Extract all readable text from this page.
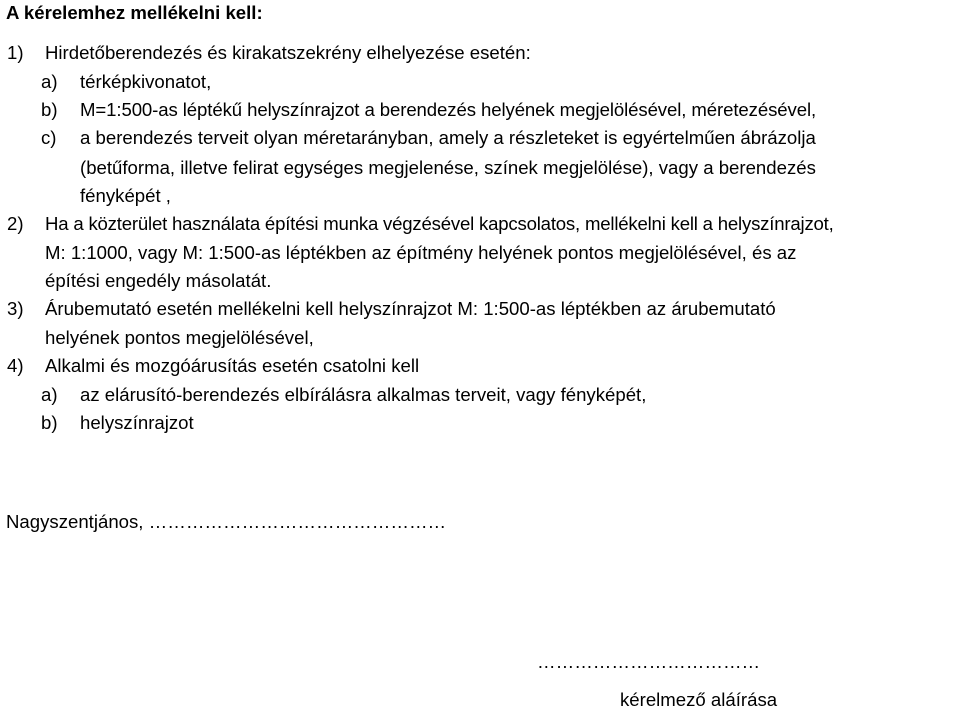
A kérelemhez mellékelni kell:
1) Hirdetőberendezés és kirakatszekrény elhelyezése esetén:
a) térképkivonatot,
b) M=1:500-as léptékű helyszínrajzot a berendezés helyének megjelölésével, méretezésével,
c) a berendezés terveit olyan méretarányban, amely a részleteket is egyértelműen ábrázolja
(betűforma, illetve felirat egységes megjelenése, színek megjelölése), vagy a berendezés
fényképét ,
2) Ha a közterület használata építési munka végzésével kapcsolatos, mellékelni kell a helyszínrajzot,
M: 1:1000, vagy M: 1:500-as léptékben az építmény helyének pontos megjelölésével, és az
építési engedély másolatát.
3) Árubemutató esetén mellékelni kell helyszínrajzot M: 1:500-as léptékben az árubemutató
helyének pontos megjelölésével,
4) Alkalmi és mozgóárusítás esetén csatolni kell
a) az elárusító-berendezés elbírálásra alkalmas terveit, vagy fényképét,
b) helyszínrajzot
Nagyszentjános, …………………………………………
………………………………
kérelmező aláírása
